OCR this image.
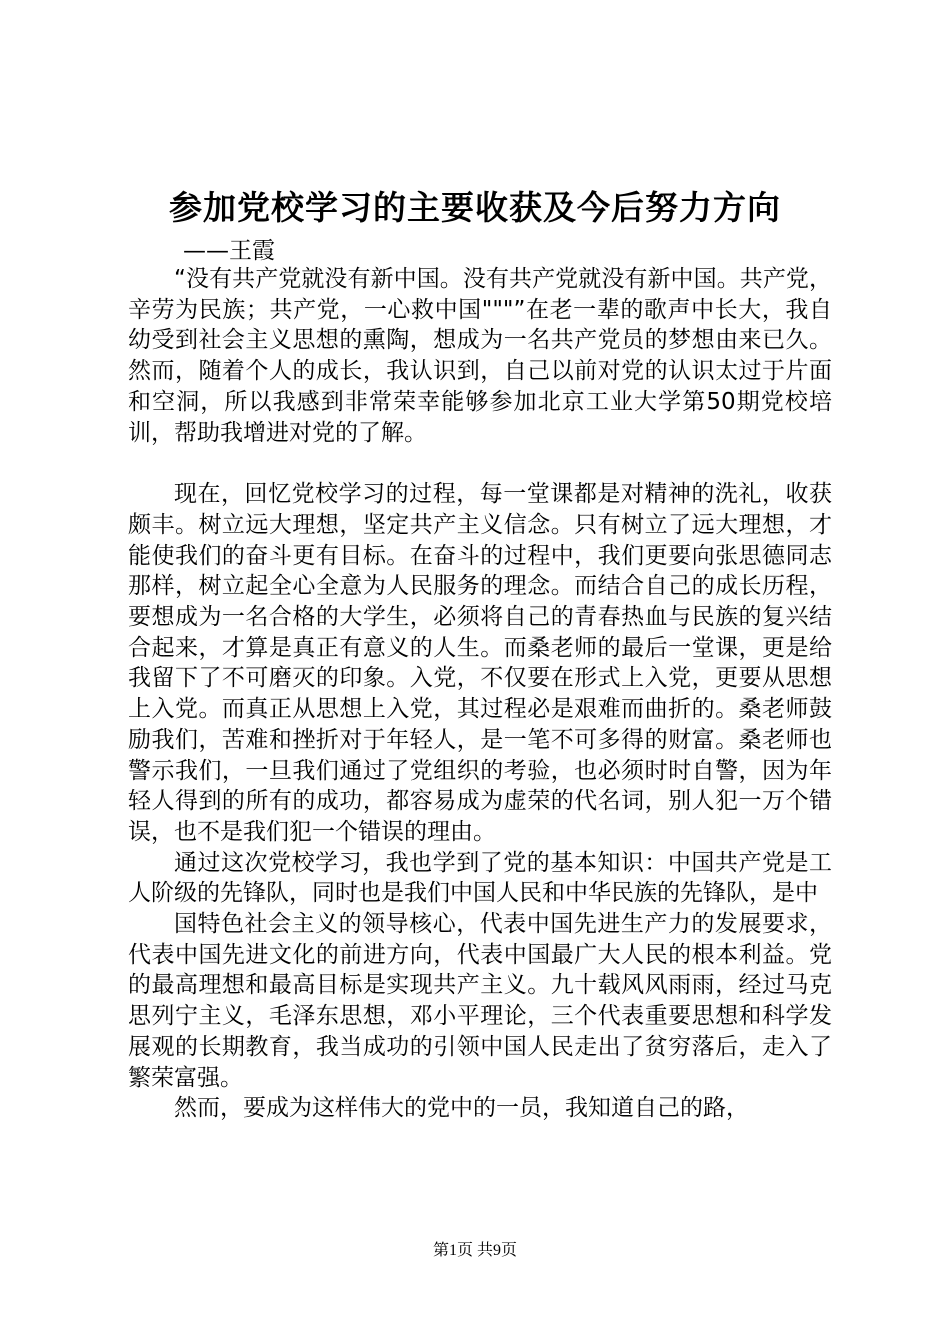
参加党校学习的主要收获及今后努力方向
——王霞

“没有共产党就没有新中国。没有共产党就没有新中国。共产党，辛劳为民族；共产党，一心救中国"""”在老一辈的歌声中长大，我自幼受到社会主义思想的熏陶，想成为一名共产党员的梦想由来已久。然而，随着个人的成长，我认识到，自己以前对党的认识太过于片面和空洞，所以我感到非常荣幸能够参加北京工业大学第50期党校培训，帮助我增进对党的了解。

现在，回忆党校学习的过程，每一堂课都是对精神的洗礼，收获颇丰。树立远大理想，坚定共产主义信念。只有树立了远大理想，才能使我们的奋斗更有目标。在奋斗的过程中，我们更要向张思德同志那样，树立起全心全意为人民服务的理念。而结合自己的成长历程，要想成为一名合格的大学生，必须将自己的青春热血与民族的复兴结合起来，才算是真正有意义的人生。而桑老师的最后一堂课，更是给我留下了不可磨灭的印象。入党，不仅要在形式上入党，更要从思想上入党。而真正从思想上入党，其过程必是艰难而曲折的。桑老师鼓励我们，苦难和挫折对于年轻人，是一笔不可多得的财富。桑老师也警示我们，一旦我们通过了党组织的考验，也必须时时自警，因为年轻人得到的所有的成功，都容易成为虚荣的代名词，别人犯一万个错误，也不是我们犯一个错误的理由。

通过这次党校学习，我也学到了党的基本知识：中国共产党是工人阶级的先锋队，同时也是我们中国人民和中华民族的先锋队，是中

国特色社会主义的领导核心，代表中国先进生产力的发展要求，代表中国先进文化的前进方向，代表中国最广大人民的根本利益。党的最高理想和最高目标是实现共产主义。九十载风风雨雨，经过马克思列宁主义，毛泽东思想，邓小平理论，三个代表重要思想和科学发展观的长期教育，我当成功的引领中国人民走出了贫穷落后，走入了繁荣富强。

然而，要成为这样伟大的党中的一员，我知道自己的路，

第1页 共9页
